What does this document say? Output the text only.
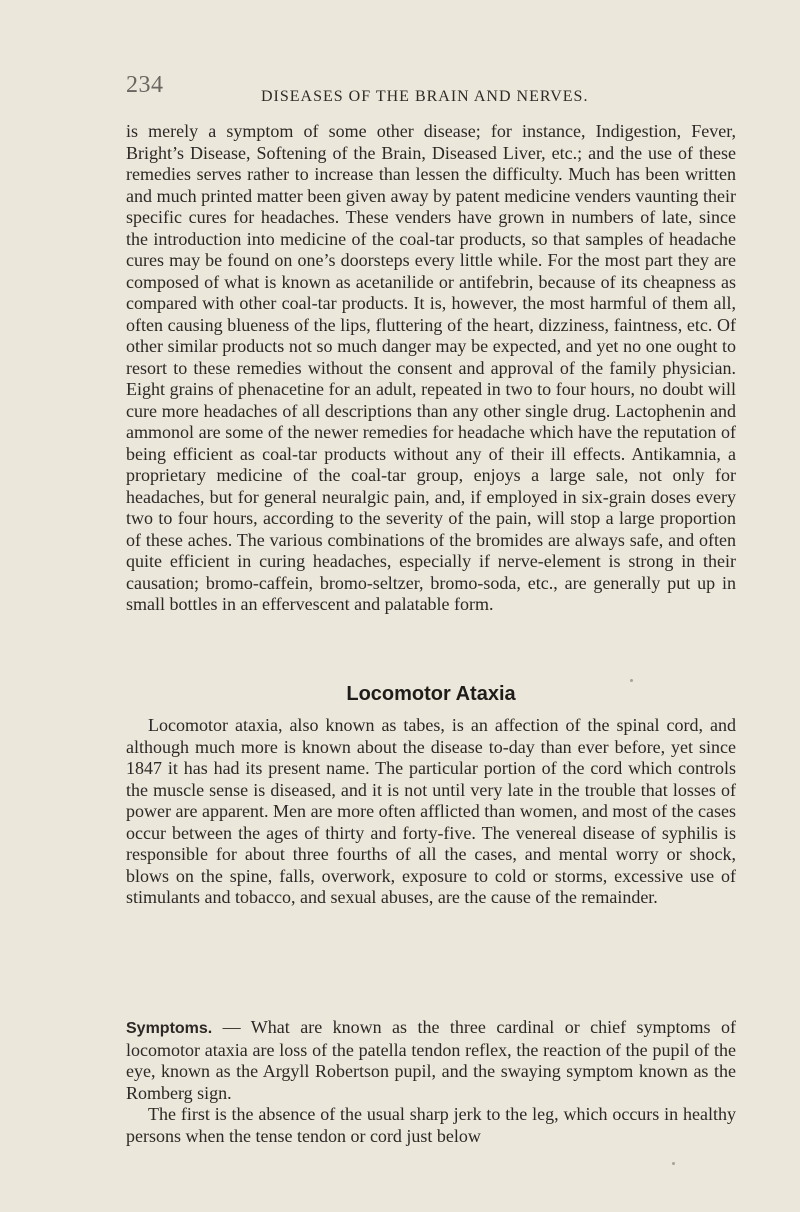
234	DISEASES OF THE BRAIN AND NERVES.

is merely a symptom of some other disease; for instance, Indigestion, Fever, Bright’s Disease, Softening of the Brain, Diseased Liver, etc.; and the use of these remedies serves rather to increase than lessen the difficulty. Much has been written and much printed matter been given away by patent medicine venders vaunting their specific cures for headaches. These venders have grown in numbers of late, since the introduction into medicine of the coal-tar products, so that samples of headache cures may be found on one’s doorsteps every little while. For the most part they are composed of what is known as acetanilide or antifebrin, because of its cheapness as compared with other coal-tar products. It is, however, the most harmful of them all, often causing blueness of the lips, fluttering of the heart, dizziness, faintness, etc. Of other similar products not so much danger may be expected, and yet no one ought to resort to these remedies without the consent and approval of the family physician. Eight grains of phenacetine for an adult, repeated in two to four hours, no doubt will cure more headaches of all descriptions than any other single drug. Lactophenin and ammonol are some of the newer remedies for headache which have the reputation of being efficient as coal-tar products without any of their ill effects. Antikamnia, a proprietary medicine of the coal-tar group, enjoys a large sale, not only for headaches, but for general neuralgic pain, and, if employed in six-grain doses every two to four hours, according to the severity of the pain, will stop a large proportion of these aches. The various combinations of the bromides are always safe, and often quite efficient in curing headaches, especially if nerve-element is strong in their causation; bromo-caffein, bromo-seltzer, bromo-soda, etc., are generally put up in small bottles in an effervescent and palatable form.

Locomotor Ataxia

Locomotor ataxia, also known as tabes, is an affection of the spinal cord, and although much more is known about the disease to-day than ever before, yet since 1847 it has had its present name. The particular portion of the cord which controls the muscle sense is diseased, and it is not until very late in the trouble that losses of power are apparent. Men are more often afflicted than women, and most of the cases occur between the ages of thirty and forty-five. The venereal disease of syphilis is responsible for about three fourths of all the cases, and mental worry or shock, blows on the spine, falls, overwork, exposure to cold or storms, excessive use of stimulants and tobacco, and sexual abuses, are the cause of the remainder.

Symptoms. — What are known as the three cardinal or chief symptoms of locomotor ataxia are loss of the patella tendon reflex, the reaction of the pupil of the eye, known as the Argyll Robertson pupil, and the swaying symptom known as the Romberg sign.
The first is the absence of the usual sharp jerk to the leg, which occurs in healthy persons when the tense tendon or cord just below
